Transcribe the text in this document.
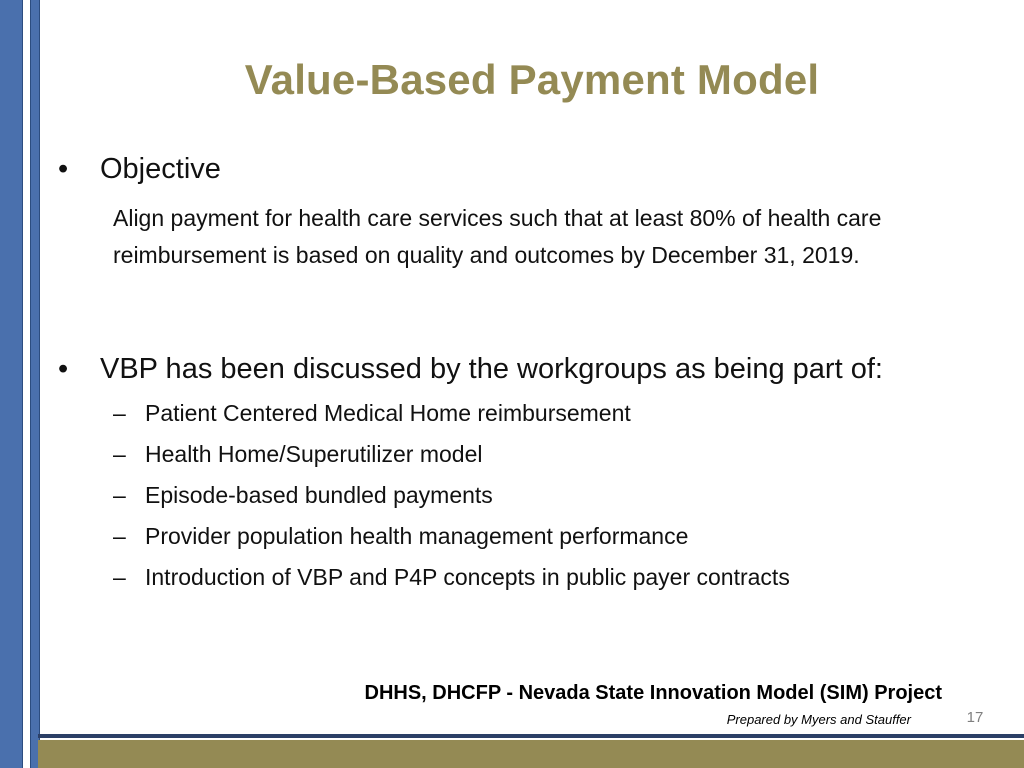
Value-Based Payment Model
• Objective
Align payment for health care services such that at least 80% of health care reimbursement is based on quality and outcomes by December 31, 2019.
• VBP has been discussed by the workgroups as being part of:
– Patient Centered Medical Home reimbursement
– Health Home/Superutilizer model
– Episode-based bundled payments
– Provider population health management performance
– Introduction of VBP and P4P concepts in public payer contracts
DHHS, DHCFP - Nevada State Innovation Model (SIM) Project
Prepared by Myers and Stauffer	17
